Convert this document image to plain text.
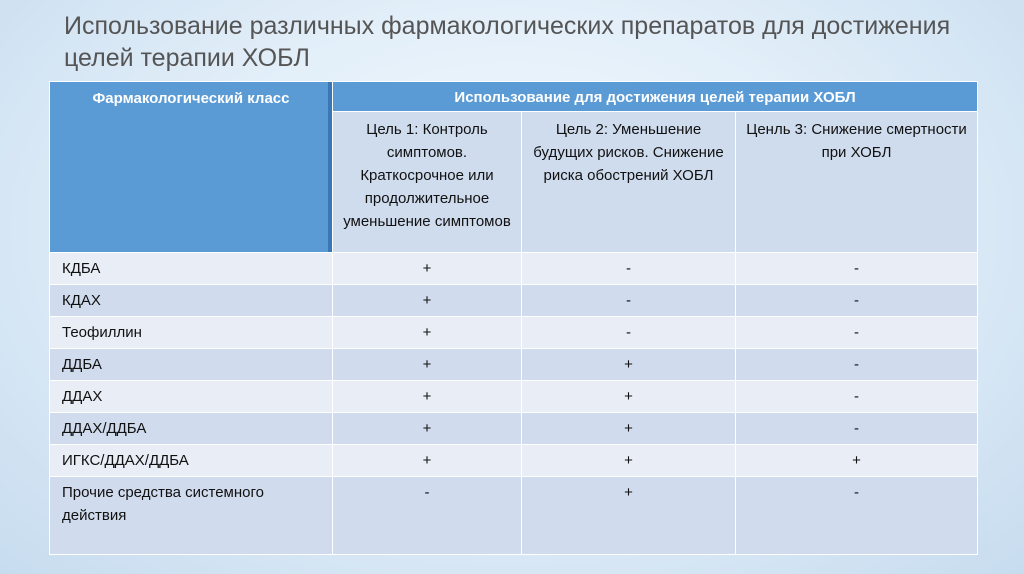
Использование различных фармакологических препаратов для достижения целей терапии ХОБЛ
Фармакологический класс	Использование для достижения целей терапии ХОБЛ		
	Цель 1: Контроль симптомов. Краткосрочное или продолжительное уменьшение симптомов	Цель 2: Уменьшение будущих рисков. Снижение риска обострений ХОБЛ	Ценль 3: Снижение смертности при ХОБЛ
КДБА	+	-	-
КДАХ	+	-	-
Теофиллин	+	-	-
ДДБА	+	+	-
ДДАХ	+	+	-
ДДАХ/ДДБА	+	+	-
ИГКС/ДДАХ/ДДБА	+	+	+
Прочие средства системного действия	-	+	-
